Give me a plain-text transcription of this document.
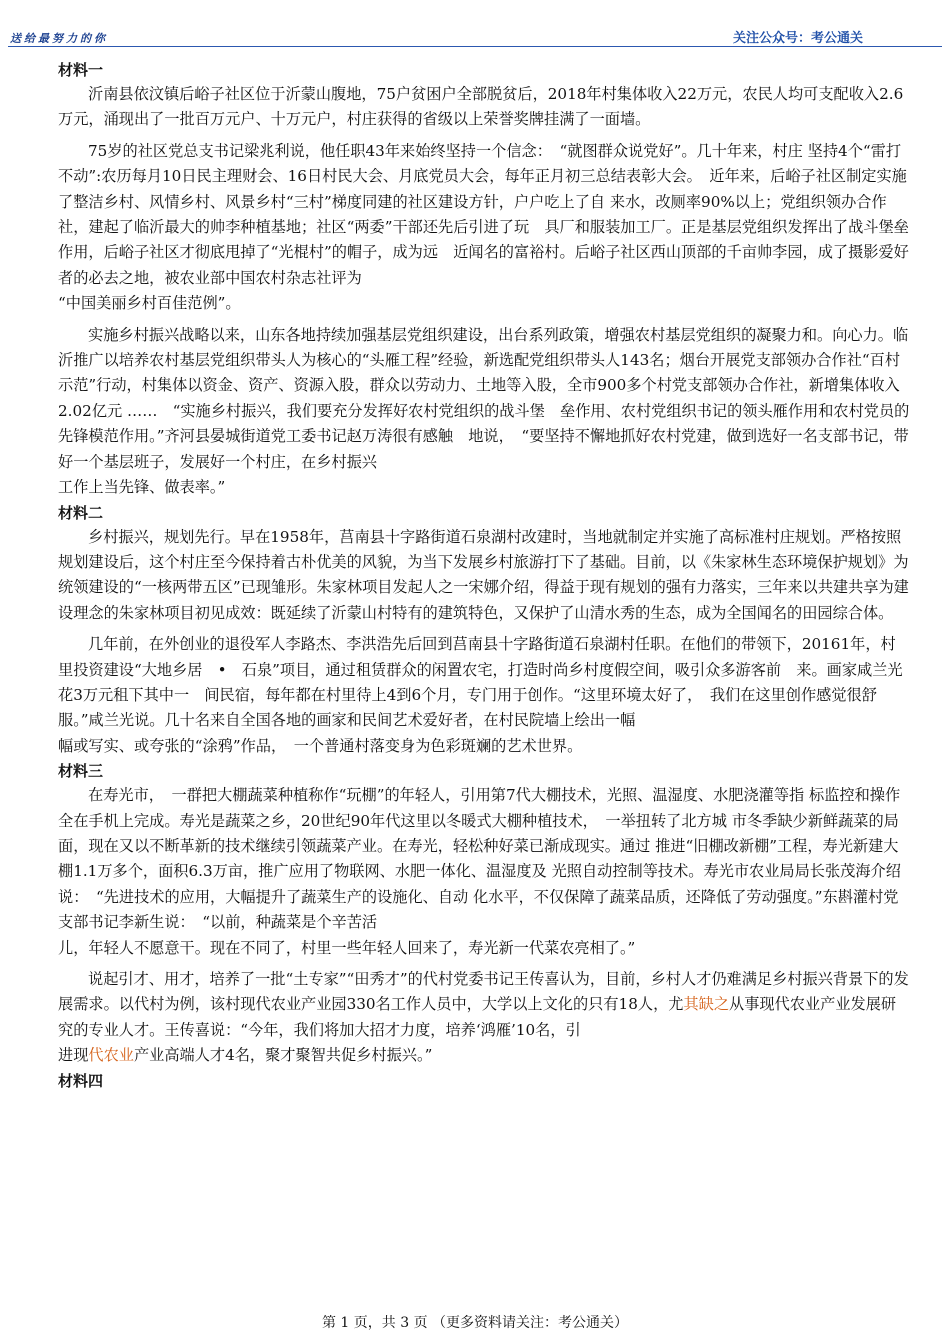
送给最努力的你	关注公众号：考公通关

材料一

沂南县依汶镇后峪子社区位于沂蒙山腹地，75户贫困户全部脱贫后，2018年村集体收入22万元，农民人均可支配收入2.6万元，涌现出了一批百万元户、十万元户，村庄获得的省级以上荣誉奖牌挂满了一面墙。

75岁的社区党总支书记梁兆利说，他任职43年来始终坚持一个信念：　“就图群众说党好”。几十年来，村庄 坚持4个“雷打不动”:农历每月10日民主理财会、16日村民大会、月底党员大会，每年正月初三总结表彰大会。　近年来，后峪子社区制定实施了整洁乡村、风情乡村、风景乡村“三村”梯度同建的社区建设方针，户户吃上了自 来水，改厕率90%以上；党组织领办合作社，建起了临沂最大的帅李种植基地；社区“两委”干部还先后引进了玩　具厂和服装加工厂。正是基层党组织发挥出了战斗堡垒作用，后峪子社区才彻底甩掉了“光棍村”的帽子，成为远　近闻名的富裕村。后峪子社区西山顶部的千亩帅李园，成了摄影爱好者的必去之地，被农业部中国农村杂志社评为

“中国美丽乡村百佳范例”。

实施乡村振兴战略以来，山东各地持续加强基层党组织建设，出台系列政策，增强农村基层党组织的凝聚力和。向心力。临沂推广以培养农村基层党组织带头人为核心的“头雁工程”经验，新选配党组织带头人143名；烟台开展党支部领办合作社“百村示范”行动，村集体以资金、资产、资源入股，群众以劳动力、土地等入股，全市900多个村党支部领办合作社，新增集体收入2.02亿元 ……　“实施乡村振兴，我们要充分发挥好农村党组织的战斗堡　垒作用、农村党组织书记的领头雁作用和农村党员的先锋模范作用。”齐河县晏城街道党工委书记赵万涛很有感触　地说，　“要坚持不懈地抓好农村党建，做到选好一名支部书记，带好一个基层班子，发展好一个村庄，在乡村振兴

工作上当先锋、做表率。”

材料二

乡村振兴，规划先行。早在1958年，莒南县十字路街道石泉湖村改建时，当地就制定并实施了高标准村庄规划。严格按照规划建设后，这个村庄至今保持着古朴优美的风貌，为当下发展乡村旅游打下了基础。目前，以《朱家林生态环境保护规划》为统领建设的“一核两带五区”已现雏形。朱家林项目发起人之一宋娜介绍，得益于现有规划的强有力落实，三年来以共建共享为建设理念的朱家林项目初见成效：既延续了沂蒙山村特有的建筑特色，又保护了山清水秀的生态，成为全国闻名的田园综合体。

几年前，在外创业的退役军人李路杰、李洪浩先后回到莒南县十字路街道石泉湖村任职。在他们的带领下，20161年，村里投资建设“大地乡居　•　石泉”项目，通过租赁群众的闲置农宅，打造时尚乡村度假空间，吸引众多游客前　来。画家咸兰光花3万元租下其中一　间民宿，每年都在村里待上4到6个月，专门用于创作。“这里环境太好了，　我们在这里创作感觉很舒服。”咸兰光说。几十名来自全国各地的画家和民间艺术爱好者，在村民院墙上绘出一幅

幅或写实、或夸张的“涂鸦”作品，　一个普通村落变身为色彩斑斓的艺术世界。

材料三

在寿光市，　一群把大棚蔬菜种植称作“玩棚”的年轻人，引用第7代大棚技术，光照、温湿度、水肥浇灌等指 标监控和操作全在手机上完成。寿光是蔬菜之乡，20世纪90年代这里以冬暖式大棚种植技术，　一举扭转了北方城 市冬季缺少新鲜蔬菜的局面，现在又以不断革新的技术继续引领蔬菜产业。在寿光，轻松种好菜已渐成现实。通过 推进“旧棚改新棚”工程，寿光新建大棚1.1万多个，面积6.3万亩，推广应用了物联网、水肥一体化、温湿度及 光照自动控制等技术。寿光市农业局局长张茂海介绍说：　“先进技术的应用，大幅提升了蔬菜生产的设施化、自动 化水平，不仅保障了蔬菜品质，还降低了劳动强度。”东斟灌村党支部书记李新生说：　“以前，种蔬菜是个辛苦活

儿，年轻人不愿意干。现在不同了，村里一些年轻人回来了，寿光新一代菜农亮相了。”

说起引才、用才，培养了一批“土专家”“田秀才”的代村党委书记王传喜认为，目前，乡村人才仍难满足乡村振兴背景下的发展需求。以代村为例，该村现代农业产业园330名工作人员中，大学以上文化的只有18人，尤其缺之从事现代农业产业发展研究的专业人才。王传喜说：“今年，我们将加大招才力度，培养‘鸿雁’10名，引

进现代农业产业高端人才4名，聚才聚智共促乡村振兴。”

材料四

第 1 页，共 3 页 （更多资料请关注：考公通关）
